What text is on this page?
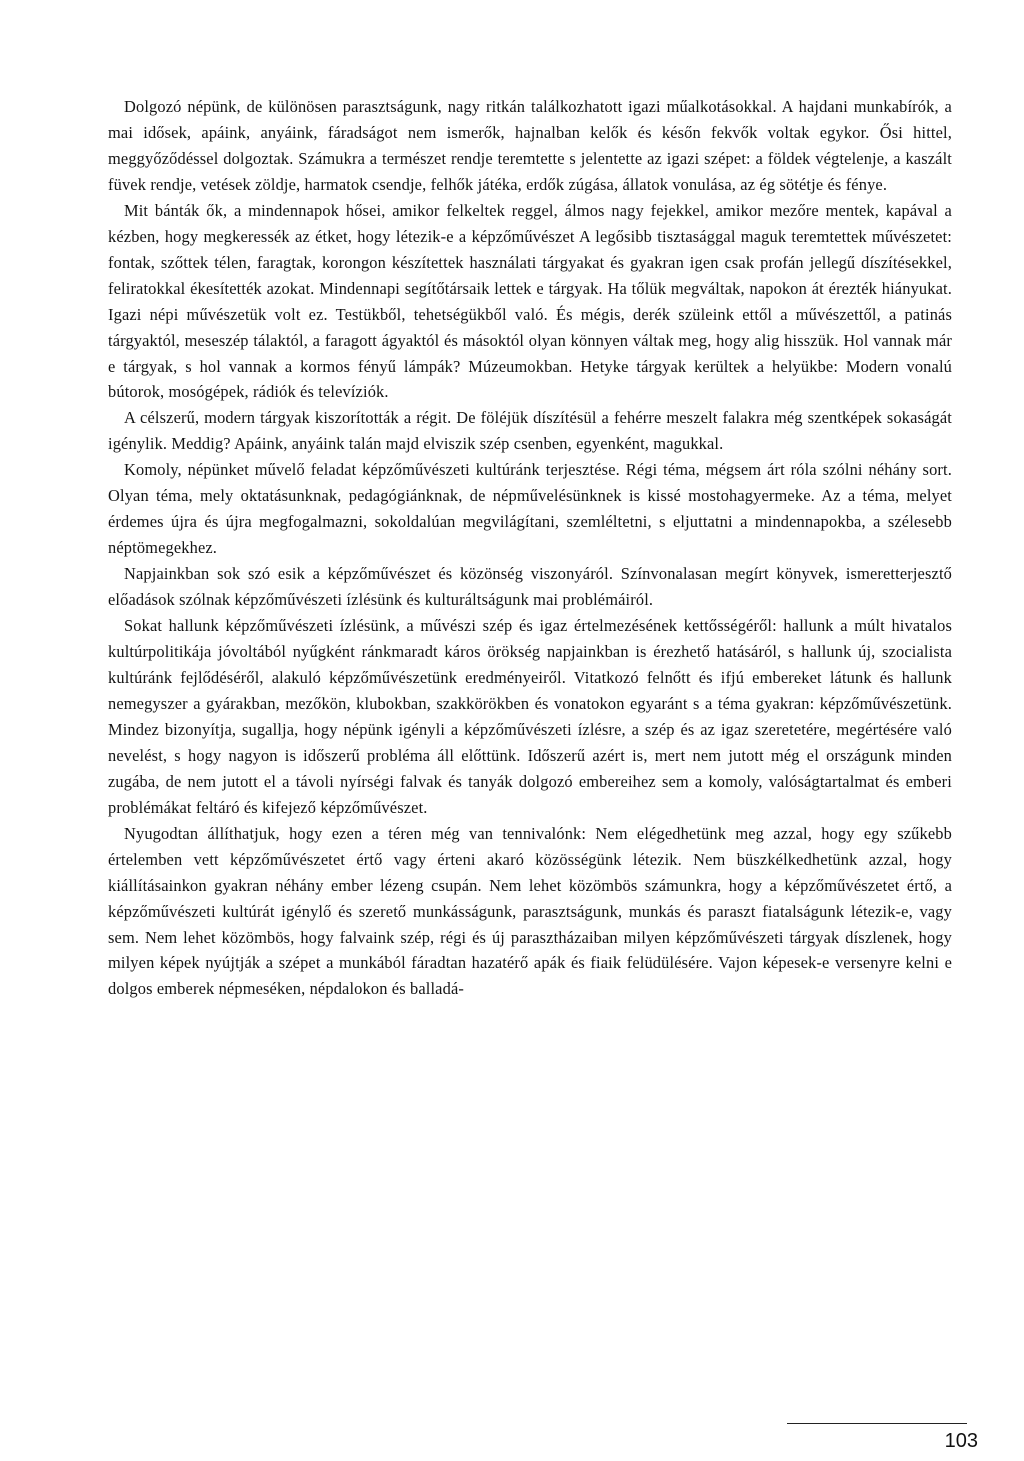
Dolgozó népünk, de különösen parasztságunk, nagy ritkán találkozhatott igazi műalkotásokkal. A hajdani munkabírók, a mai idősek, apáink, anyáink, fáradságot nem ismerők, hajnalban kelők és későn fekvők voltak egykor. Ősi hittel, meggyőződéssel dolgoztak. Számukra a természet rendje teremtette s jelentette az igazi szépet: a földek végtelenje, a kaszált füvek rendje, vetések zöldje, harmatok csendje, felhők játéka, erdők zúgása, állatok vonulása, az ég sötétje és fénye.

Mit bánták ők, a mindennapok hősei, amikor felkeltek reggel, álmos nagy fejekkel, amikor mezőre mentek, kapával a kézben, hogy megkeressék az étket, hogy létezik-e a képzőművészet A legősibb tisztasággal maguk teremtettek művészetet: fontak, szőttek télen, faragtak, korongon készítettek használati tárgyakat és gyakran igen csak profán jellegű díszítésekkel, feliratokkal ékesítették azokat. Mindennapi segítőtársaik lettek e tárgyak. Ha tőlük megváltak, napokon át érezték hiányukat. Igazi népi művészetük volt ez. Testükből, tehetségükből való. És mégis, derék szüleink ettől a művészettől, a patinás tárgyaktól, meseszép tálaktól, a faragott ágyaktól és másoktól olyan könnyen váltak meg, hogy alig hisszük. Hol vannak már e tárgyak, s hol vannak a kormos fényű lámpák? Múzeumokban. Hetyke tárgyak kerültek a helyükbe: Modern vonalú bútorok, mosógépek, rádiók és televíziók.

A célszerű, modern tárgyak kiszorították a régit. De föléjük díszítésül a fehérre meszelt falakra még szentképek sokaságát igénylik. Meddig? Apáink, anyáink talán majd elviszik szép csenben, egyenként, magukkal.

Komoly, népünket művelő feladat képzőművészeti kultúránk terjesztése. Régi téma, mégsem árt róla szólni néhány sort. Olyan téma, mely oktatásunknak, pedagógiánknak, de népművelésünknek is kissé mostohagyermeke. Az a téma, melyet érdemes újra és újra megfogalmazni, sokoldalúan megvilágítani, szemléltetni, s eljuttatni a mindennapokba, a szélesebb néptömegekhez.

Napjainkban sok szó esik a képzőművészet és közönség viszonyáról. Színvonalasan megírt könyvek, ismeretterjesztő előadások szólnak képzőművészeti ízlésünk és kulturáltságunk mai problémáiról.

Sokat hallunk képzőművészeti ízlésünk, a művészi szép és igaz értelmezésének kettősségéről: hallunk a múlt hivatalos kultúrpolitikája jóvoltából nyűgként ránkmaradt káros örökség napjainkban is érezhető hatásáról, s hallunk új, szocialista kultúránk fejlődéséről, alakuló képzőművészetünk eredményeiről. Vitatkozó felnőtt és ifjú embereket látunk és hallunk nemegyszer a gyárakban, mezőkön, klubokban, szakkörökben és vonatokon egyaránt s a téma gyakran: képzőművészetünk. Mindez bizonyítja, sugallja, hogy népünk igényli a képzőművészeti ízlésre, a szép és az igaz szeretetére, megértésére való nevelést, s hogy nagyon is időszerű probléma áll előttünk. Időszerű azért is, mert nem jutott még el országunk minden zugába, de nem jutott el a távoli nyírségi falvak és tanyák dolgozó embereihez sem a komoly, valóságtartalmat és emberi problémákat feltáró és kifejező képzőművészet.

Nyugodtan állíthatjuk, hogy ezen a téren még van tennivalónk: Nem elégedhetünk meg azzal, hogy egy szűkebb értelemben vett képzőművészetet értő vagy érteni akaró közösségünk létezik. Nem büszkélkedhetünk azzal, hogy kiállításainkon gyakran néhány ember lézeng csupán. Nem lehet közömbös számunkra, hogy a képzőművészetet értő, a képzőművészeti kultúrát igénylő és szerető munkásságunk, parasztságunk, munkás és paraszt fiatalságunk létezik-e, vagy sem. Nem lehet közömbös, hogy falvaink szép, régi és új parasztházaiban milyen képzőművészeti tárgyak díszlenek, hogy milyen képek nyújtják a szépet a munkából fáradtan hazatérő apák és fiaik felüdülésére. Vajon képesek-e versenyre kelni e dolgos emberek népmeséken, népdalokon és balladá-

103
